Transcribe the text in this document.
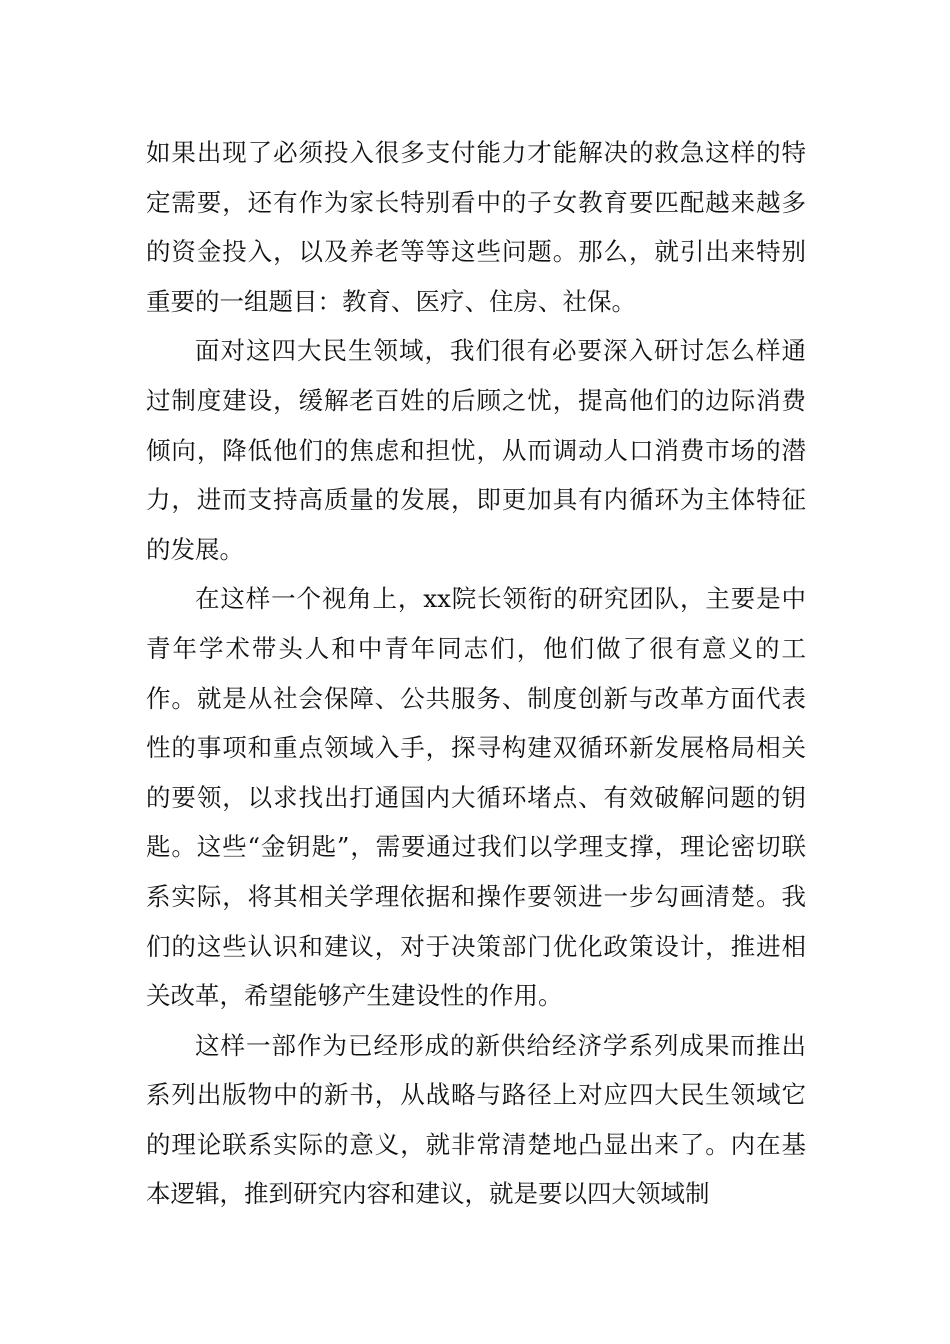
如果出现了必须投入很多支付能力才能解决的救急这样的特定需要，还有作为家长特别看中的子女教育要匹配越来越多的资金投入，以及养老等等这些问题。那么，就引出来特别重要的一组题目：教育、医疗、住房、社保。

面对这四大民生领域，我们很有必要深入研讨怎么样通过制度建设，缓解老百姓的后顾之忧，提高他们的边际消费倾向，降低他们的焦虑和担忧，从而调动人口消费市场的潜力，进而支持高质量的发展，即更加具有内循环为主体特征的发展。

在这样一个视角上，xx院长领衔的研究团队，主要是中青年学术带头人和中青年同志们，他们做了很有意义的工作。就是从社会保障、公共服务、制度创新与改革方面代表性的事项和重点领域入手，探寻构建双循环新发展格局相关的要领，以求找出打通国内大循环堵点、有效破解问题的钥匙。这些“金钥匙”，需要通过我们以学理支撑，理论密切联系实际，将其相关学理依据和操作要领进一步勾画清楚。我们的这些认识和建议，对于决策部门优化政策设计，推进相关改革，希望能够产生建设性的作用。

这样一部作为已经形成的新供给经济学系列成果而推出系列出版物中的新书，从战略与路径上对应四大民生领域它的理论联系实际的意义，就非常清楚地凸显出来了。内在基本逻辑，推到研究内容和建议，就是要以四大领域制
